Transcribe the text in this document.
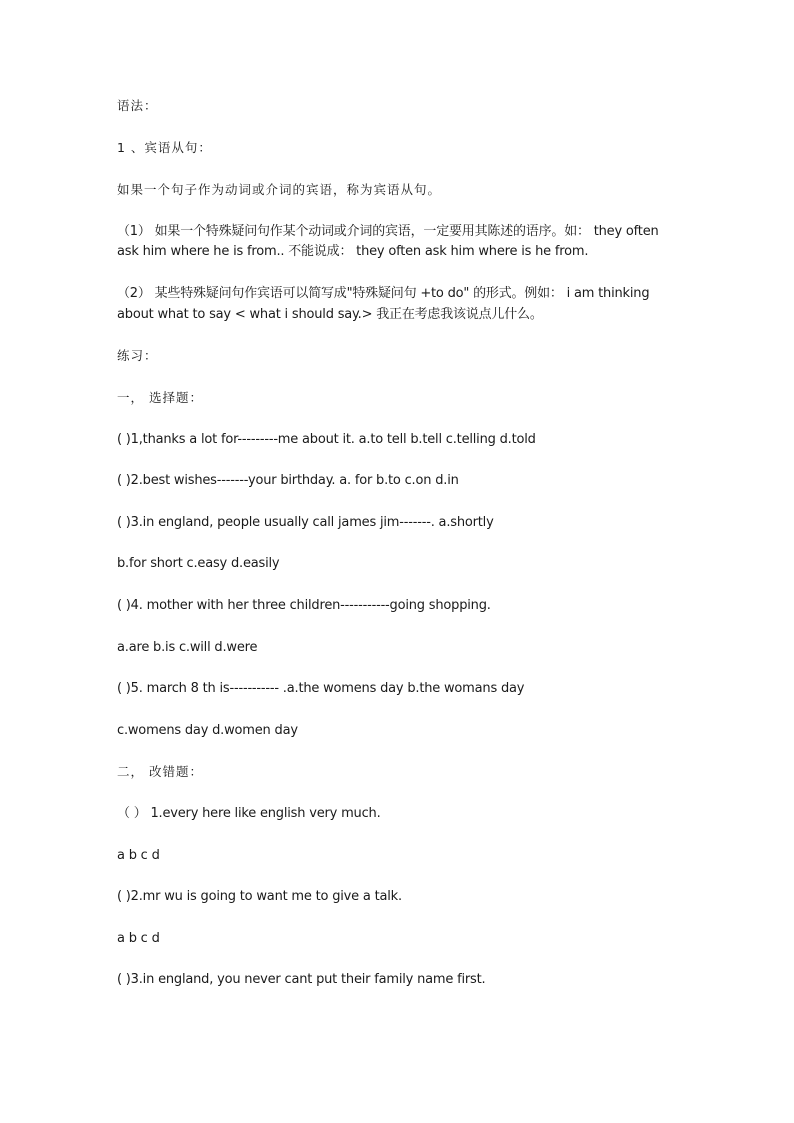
语法：
1 、宾语从句：
如果一个句子作为动词或介词的宾语，称为宾语从句。
（1） 如果一个特殊疑问句作某个动词或介词的宾语，一定要用其陈述的语序。如： they often
ask him where he is from.. 不能说成： they often ask him where is he from.
（2） 某些特殊疑问句作宾语可以简写成"特殊疑问句 +to do" 的形式。例如： i am thinking
about what to say < what i should say.> 我正在考虑我该说点儿什么。
练习：
一， 选择题：
( )1,thanks a lot for---------me about it. a.to tell b.tell c.telling d.told
( )2.best wishes-------your birthday. a. for b.to c.on d.in
( )3.in england, people usually call james jim-------. a.shortly
b.for short c.easy d.easily
( )4. mother with her three children-----------going shopping.
a.are b.is c.will d.were
( )5. march 8 th is----------- .a.the womens day b.the womans day
c.womens day d.women day
二， 改错题：
（ ） 1.every here like english very much.
a b c d
( )2.mr wu is going to want me to give a talk.
a b c d
( )3.in england, you never cant put their family name first.
